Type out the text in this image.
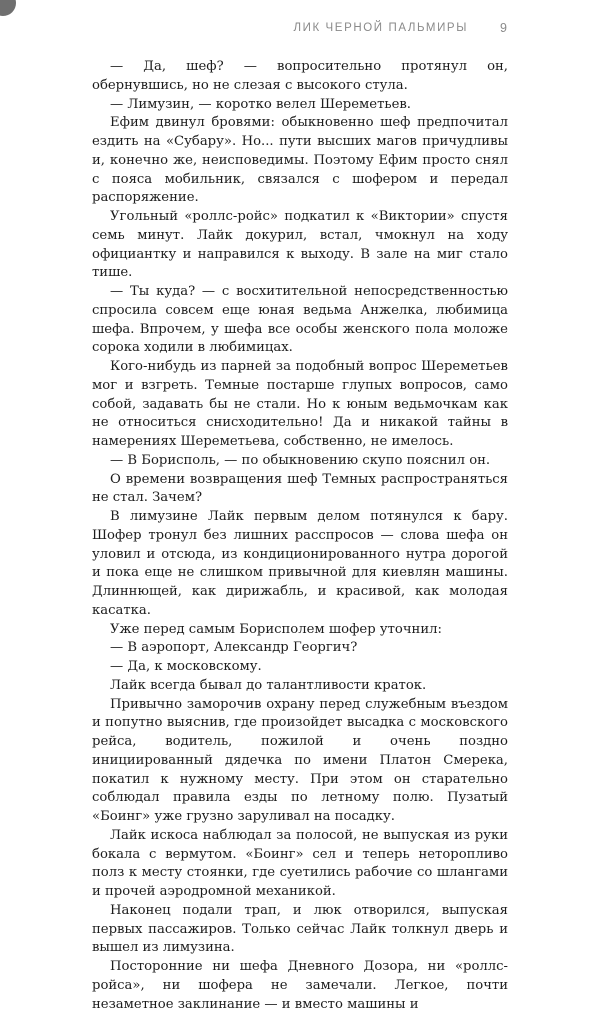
ЛИК ЧЕРНОЙ ПАЛЬМИРЫ	9

— Да, шеф? — вопросительно протянул он, обернувшись, но не слезая с высокого стула.

— Лимузин, — коротко велел Шереметьев.

Ефим двинул бровями: обыкновенно шеф предпочитал ездить на «Субару». Но... пути высших магов причудливы и, конечно же, неисповедимы. Поэтому Ефим просто снял с пояса мобильник, связался с шофером и передал распоряжение.

Угольный «роллс-ройс» подкатил к «Виктории» спустя семь минут. Лайк докурил, встал, чмокнул на ходу официантку и направился к выходу. В зале на миг стало тише.

— Ты куда? — с восхитительной непосредственностью спросила совсем еще юная ведьма Анжелка, любимица шефа. Впрочем, у шефа все особы женского пола моложе сорока ходили в любимицах.

Кого-нибудь из парней за подобный вопрос Шереметьев мог и взгреть. Темные постарше глупых вопросов, само собой, задавать бы не стали. Но к юным ведьмочкам как не относиться снисходительно! Да и никакой тайны в намерениях Шереметьева, собственно, не имелось.

— В Борисполь, — по обыкновению скупо пояснил он.

О времени возвращения шеф Темных распространяться не стал. Зачем?

В лимузине Лайк первым делом потянулся к бару. Шофер тронул без лишних расспросов — слова шефа он уловил и отсюда, из кондиционированного нутра дорогой и пока еще не слишком привычной для киевлян машины. Длиннющей, как дирижабль, и красивой, как молодая касатка.

Уже перед самым Борисполем шофер уточнил:

— В аэропорт, Александр Георгич?

— Да, к московскому.

Лайк всегда бывал до талантливости краток.

Привычно заморочив охрану перед служебным въездом и попутно выяснив, где произойдет высадка с московского рейса, водитель, пожилой и очень поздно инициированный дядечка по имени Платон Смерека, покатил к нужному месту. При этом он старательно соблюдал правила езды по летному полю. Пузатый «Боинг» уже грузно заруливал на посадку.

Лайк искоса наблюдал за полосой, не выпуская из руки бокала с вермутом. «Боинг» сел и теперь неторопливо полз к месту стоянки, где суетились рабочие со шлангами и прочей аэродромной механикой.

Наконец подали трап, и люк отворился, выпуская первых пассажиров. Только сейчас Лайк толкнул дверь и вышел из лимузина.

Посторонние ни шефа Дневного Дозора, ни «роллс-ройса», ни шофера не замечали. Легкое, почти незаметное заклинание — и вместо машины и
